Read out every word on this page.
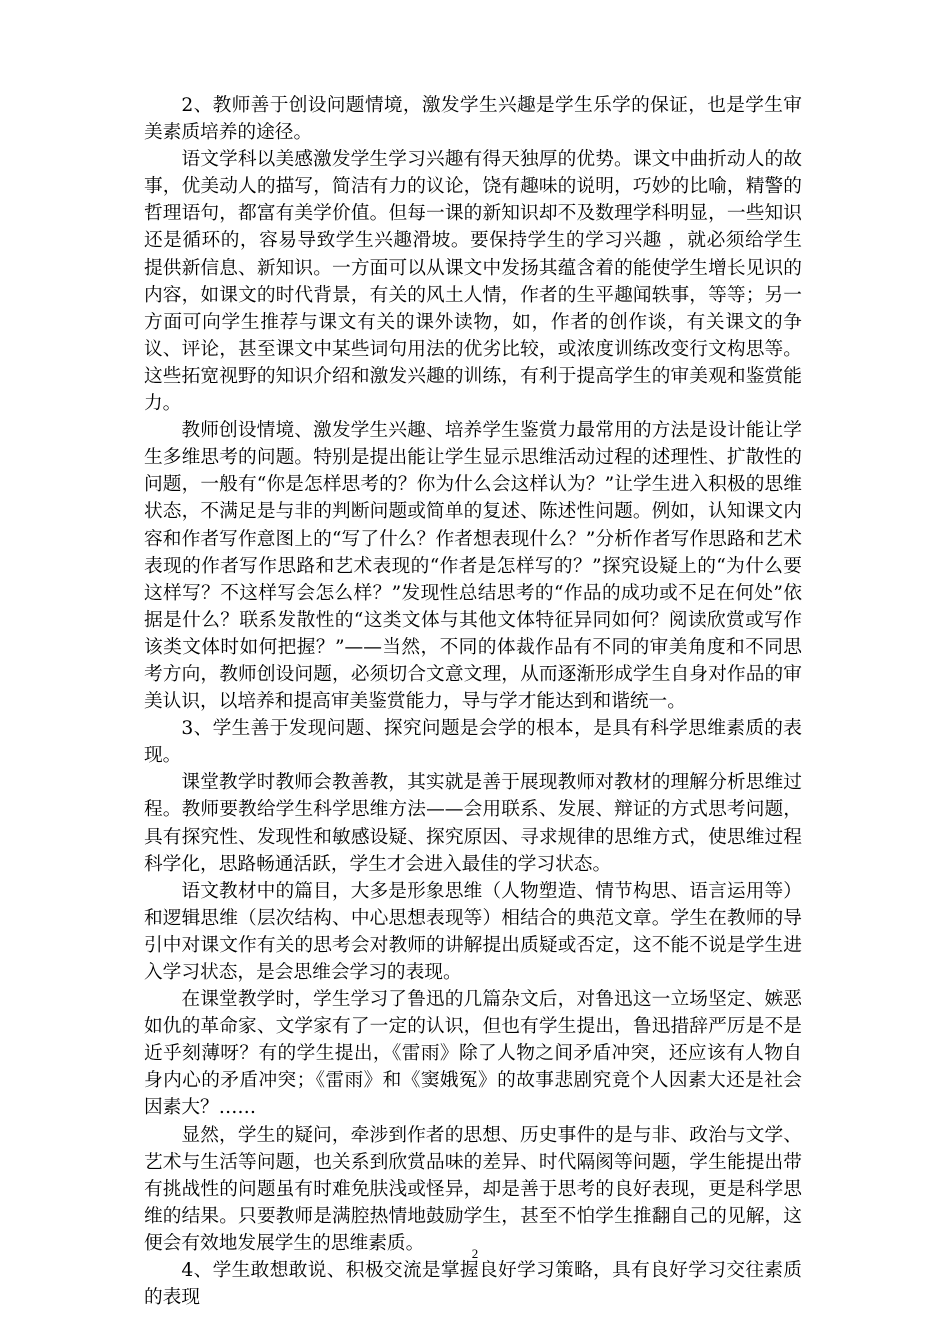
2、教师善于创设问题情境，激发学生兴趣是学生乐学的保证，也是学生审美素质培养的途径。

语文学科以美感激发学生学习兴趣有得天独厚的优势。课文中曲折动人的故事，优美动人的描写，简洁有力的议论，饶有趣味的说明，巧妙的比喻，精警的哲理语句，都富有美学价值。但每一课的新知识却不及数理学科明显，一些知识还是循环的，容易导致学生兴趣滑坡。要保持学生的学习兴趣 ，就必须给学生提供新信息、新知识。一方面可以从课文中发扬其蕴含着的能使学生增长见识的内容，如课文的时代背景，有关的风土人情，作者的生平趣闻轶事，等等；另一方面可向学生推荐与课文有关的课外读物，如，作者的创作谈，有关课文的争议、评论，甚至课文中某些词句用法的优劣比较，或浓度训练改变行文构思等。这些拓宽视野的知识介绍和激发兴趣的训练，有利于提高学生的审美观和鉴赏能力。

教师创设情境、激发学生兴趣、培养学生鉴赏力最常用的方法是设计能让学生多维思考的问题。特别是提出能让学生显示思维活动过程的述理性、扩散性的问题，一般有“你是怎样思考的？你为什么会这样认为？”让学生进入积极的思维状态，不满足是与非的判断问题或简单的复述、陈述性问题。例如，认知课文内容和作者写作意图上的“写了什么？作者想表现什么？”分析作者写作思路和艺术表现的作者写作思路和艺术表现的“作者是怎样写的？”探究设疑上的“为什么要这样写？不这样写会怎么样？”发现性总结思考的“作品的成功或不足在何处”依据是什么？联系发散性的“这类文体与其他文体特征异同如何？阅读欣赏或写作该类文体时如何把握？”——当然，不同的体裁作品有不同的审美角度和不同思考方向，教师创设问题，必须切合文意文理，从而逐渐形成学生自身对作品的审美认识，以培养和提高审美鉴赏能力，导与学才能达到和谐统一。

3、学生善于发现问题、探究问题是会学的根本，是具有科学思维素质的表现。

课堂教学时教师会教善教，其实就是善于展现教师对教材的理解分析思维过程。教师要教给学生科学思维方法——会用联系、发展、辩证的方式思考问题，具有探究性、发现性和敏感设疑、探究原因、寻求规律的思维方式，使思维过程科学化，思路畅通活跃，学生才会进入最佳的学习状态。

语文教材中的篇目，大多是形象思维（人物塑造、情节构思、语言运用等）和逻辑思维（层次结构、中心思想表现等）相结合的典范文章。学生在教师的导引中对课文作有关的思考会对教师的讲解提出质疑或否定，这不能不说是学生进入学习状态，是会思维会学习的表现。

在课堂教学时，学生学习了鲁迅的几篇杂文后，对鲁迅这一立场坚定、嫉恶如仇的革命家、文学家有了一定的认识，但也有学生提出，鲁迅措辞严厉是不是近乎刻薄呀？有的学生提出，《雷雨》除了人物之间矛盾冲突，还应该有人物自身内心的矛盾冲突；《雷雨》和《窦娥冤》的故事悲剧究竟个人因素大还是社会因素大？……

显然，学生的疑问，牵涉到作者的思想、历史事件的是与非、政治与文学、艺术与生活等问题，也关系到欣赏品味的差异、时代隔阂等问题，学生能提出带有挑战性的问题虽有时难免肤浅或怪异，却是善于思考的良好表现，更是科学思维的结果。只要教师是满腔热情地鼓励学生，甚至不怕学生推翻自己的见解，这便会有效地发展学生的思维素质。

4、学生敢想敢说、积极交流是掌握良好学习策略，具有良好学习交往素质的表现

2
